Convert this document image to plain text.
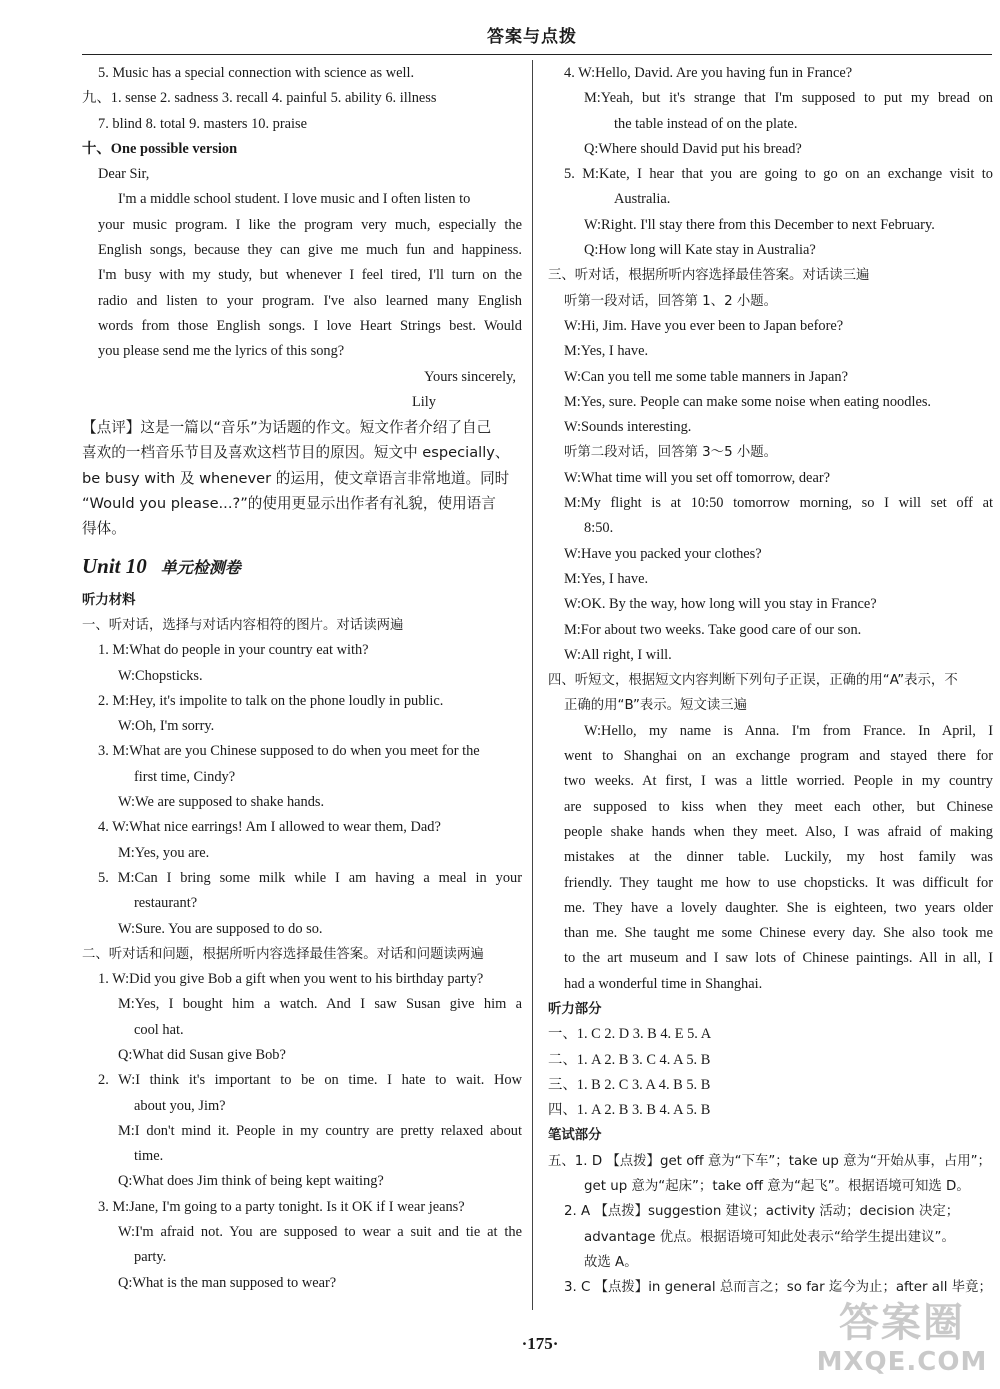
答案与点拨
5. Music has a special connection with science as well.
九、1. sense 2. sadness 3. recall 4. painful 5. ability 6. illness
7. blind 8. total 9. masters 10. praise
十、One possible version
Dear Sir,
I'm a middle school student. I love music and I often listen to
your music program. I like the program very much, especially the
English songs, because they can give me much fun and happiness.
I'm busy with my study, but whenever I feel tired, I'll turn on the
radio and listen to your program. I've also learned many English
words from those English songs. I love Heart Strings best. Would
you please send me the lyrics of this song?
Yours sincerely,
Lily
【点评】这是一篇以“音乐”为话题的作文。短文作者介绍了自己
喜欢的一档音乐节目及喜欢这档节目的原因。短文中 especially、
be busy with 及 whenever 的运用，使文章语言非常地道。同时
“Would you please...?”的使用更显示出作者有礼貌，使用语言
得体。
Unit 10 单元检测卷
听力材料
一、听对话，选择与对话内容相符的图片。对话读两遍
1. M:What do people in your country eat with?
W:Chopsticks.
2. M:Hey, it's impolite to talk on the phone loudly in public.
W:Oh, I'm sorry.
3. M:What are you Chinese supposed to do when you meet for the
first time, Cindy?
W:We are supposed to shake hands.
4. W:What nice earrings! Am I allowed to wear them, Dad?
M:Yes, you are.
5. M:Can I bring some milk while I am having a meal in your
restaurant?
W:Sure. You are supposed to do so.
二、听对话和问题，根据所听内容选择最佳答案。对话和问题读两遍
1. W:Did you give Bob a gift when you went to his birthday party?
M:Yes, I bought him a watch. And I saw Susan give him a
cool hat.
Q:What did Susan give Bob?
2. W:I think it's important to be on time. I hate to wait. How
about you, Jim?
M:I don't mind it. People in my country are pretty relaxed about
time.
Q:What does Jim think of being kept waiting?
3. M:Jane, I'm going to a party tonight. Is it OK if I wear jeans?
W:I'm afraid not. You are supposed to wear a suit and tie at the
party.
Q:What is the man supposed to wear?
4. W:Hello, David. Are you having fun in France?
M:Yeah, but it's strange that I'm supposed to put my bread on
the table instead of on the plate.
Q:Where should David put his bread?
5. M:Kate, I hear that you are going to go on an exchange visit to
Australia.
W:Right. I'll stay there from this December to next February.
Q:How long will Kate stay in Australia?
三、听对话，根据所听内容选择最佳答案。对话读三遍
听第一段对话，回答第 1、2 小题。
W:Hi, Jim. Have you ever been to Japan before?
M:Yes, I have.
W:Can you tell me some table manners in Japan?
M:Yes, sure. People can make some noise when eating noodles.
W:Sounds interesting.
听第二段对话，回答第 3～5 小题。
W:What time will you set off tomorrow, dear?
M:My flight is at 10:50 tomorrow morning, so I will set off at
8:50.
W:Have you packed your clothes?
M:Yes, I have.
W:OK. By the way, how long will you stay in France?
M:For about two weeks. Take good care of our son.
W:All right, I will.
四、听短文，根据短文内容判断下列句子正误，正确的用“A”表示，不
正确的用“B”表示。短文读三遍
W:Hello, my name is Anna. I'm from France. In April, I
went to Shanghai on an exchange program and stayed there for
two weeks. At first, I was a little worried. People in my country
are supposed to kiss when they meet each other, but Chinese
people shake hands when they meet. Also, I was afraid of making
mistakes at the dinner table. Luckily, my host family was
friendly. They taught me how to use chopsticks. It was difficult for
me. They have a lovely daughter. She is eighteen, two years older
than me. She taught me some Chinese every day. She also took me
to the art museum and I saw lots of Chinese paintings. All in all, I
had a wonderful time in Shanghai.
听力部分
一、1. C 2. D 3. B 4. E 5. A
二、1. A 2. B 3. C 4. A 5. B
三、1. B 2. C 3. A 4. B 5. B
四、1. A 2. B 3. B 4. A 5. B
笔试部分
五、1. D 【点拨】get off 意为“下车”；take up 意为“开始从事，占用”；
get up 意为“起床”；take off 意为“起飞”。根据语境可知选 D。
2. A 【点拨】suggestion 建议；activity 活动；decision 决定；
advantage 优点。根据语境可知此处表示“给学生提出建议”。
故选 A。
3. C 【点拨】in general 总而言之；so far 迄今为止；after all 毕竟；
·175·	答案圈
MXQE.COM
